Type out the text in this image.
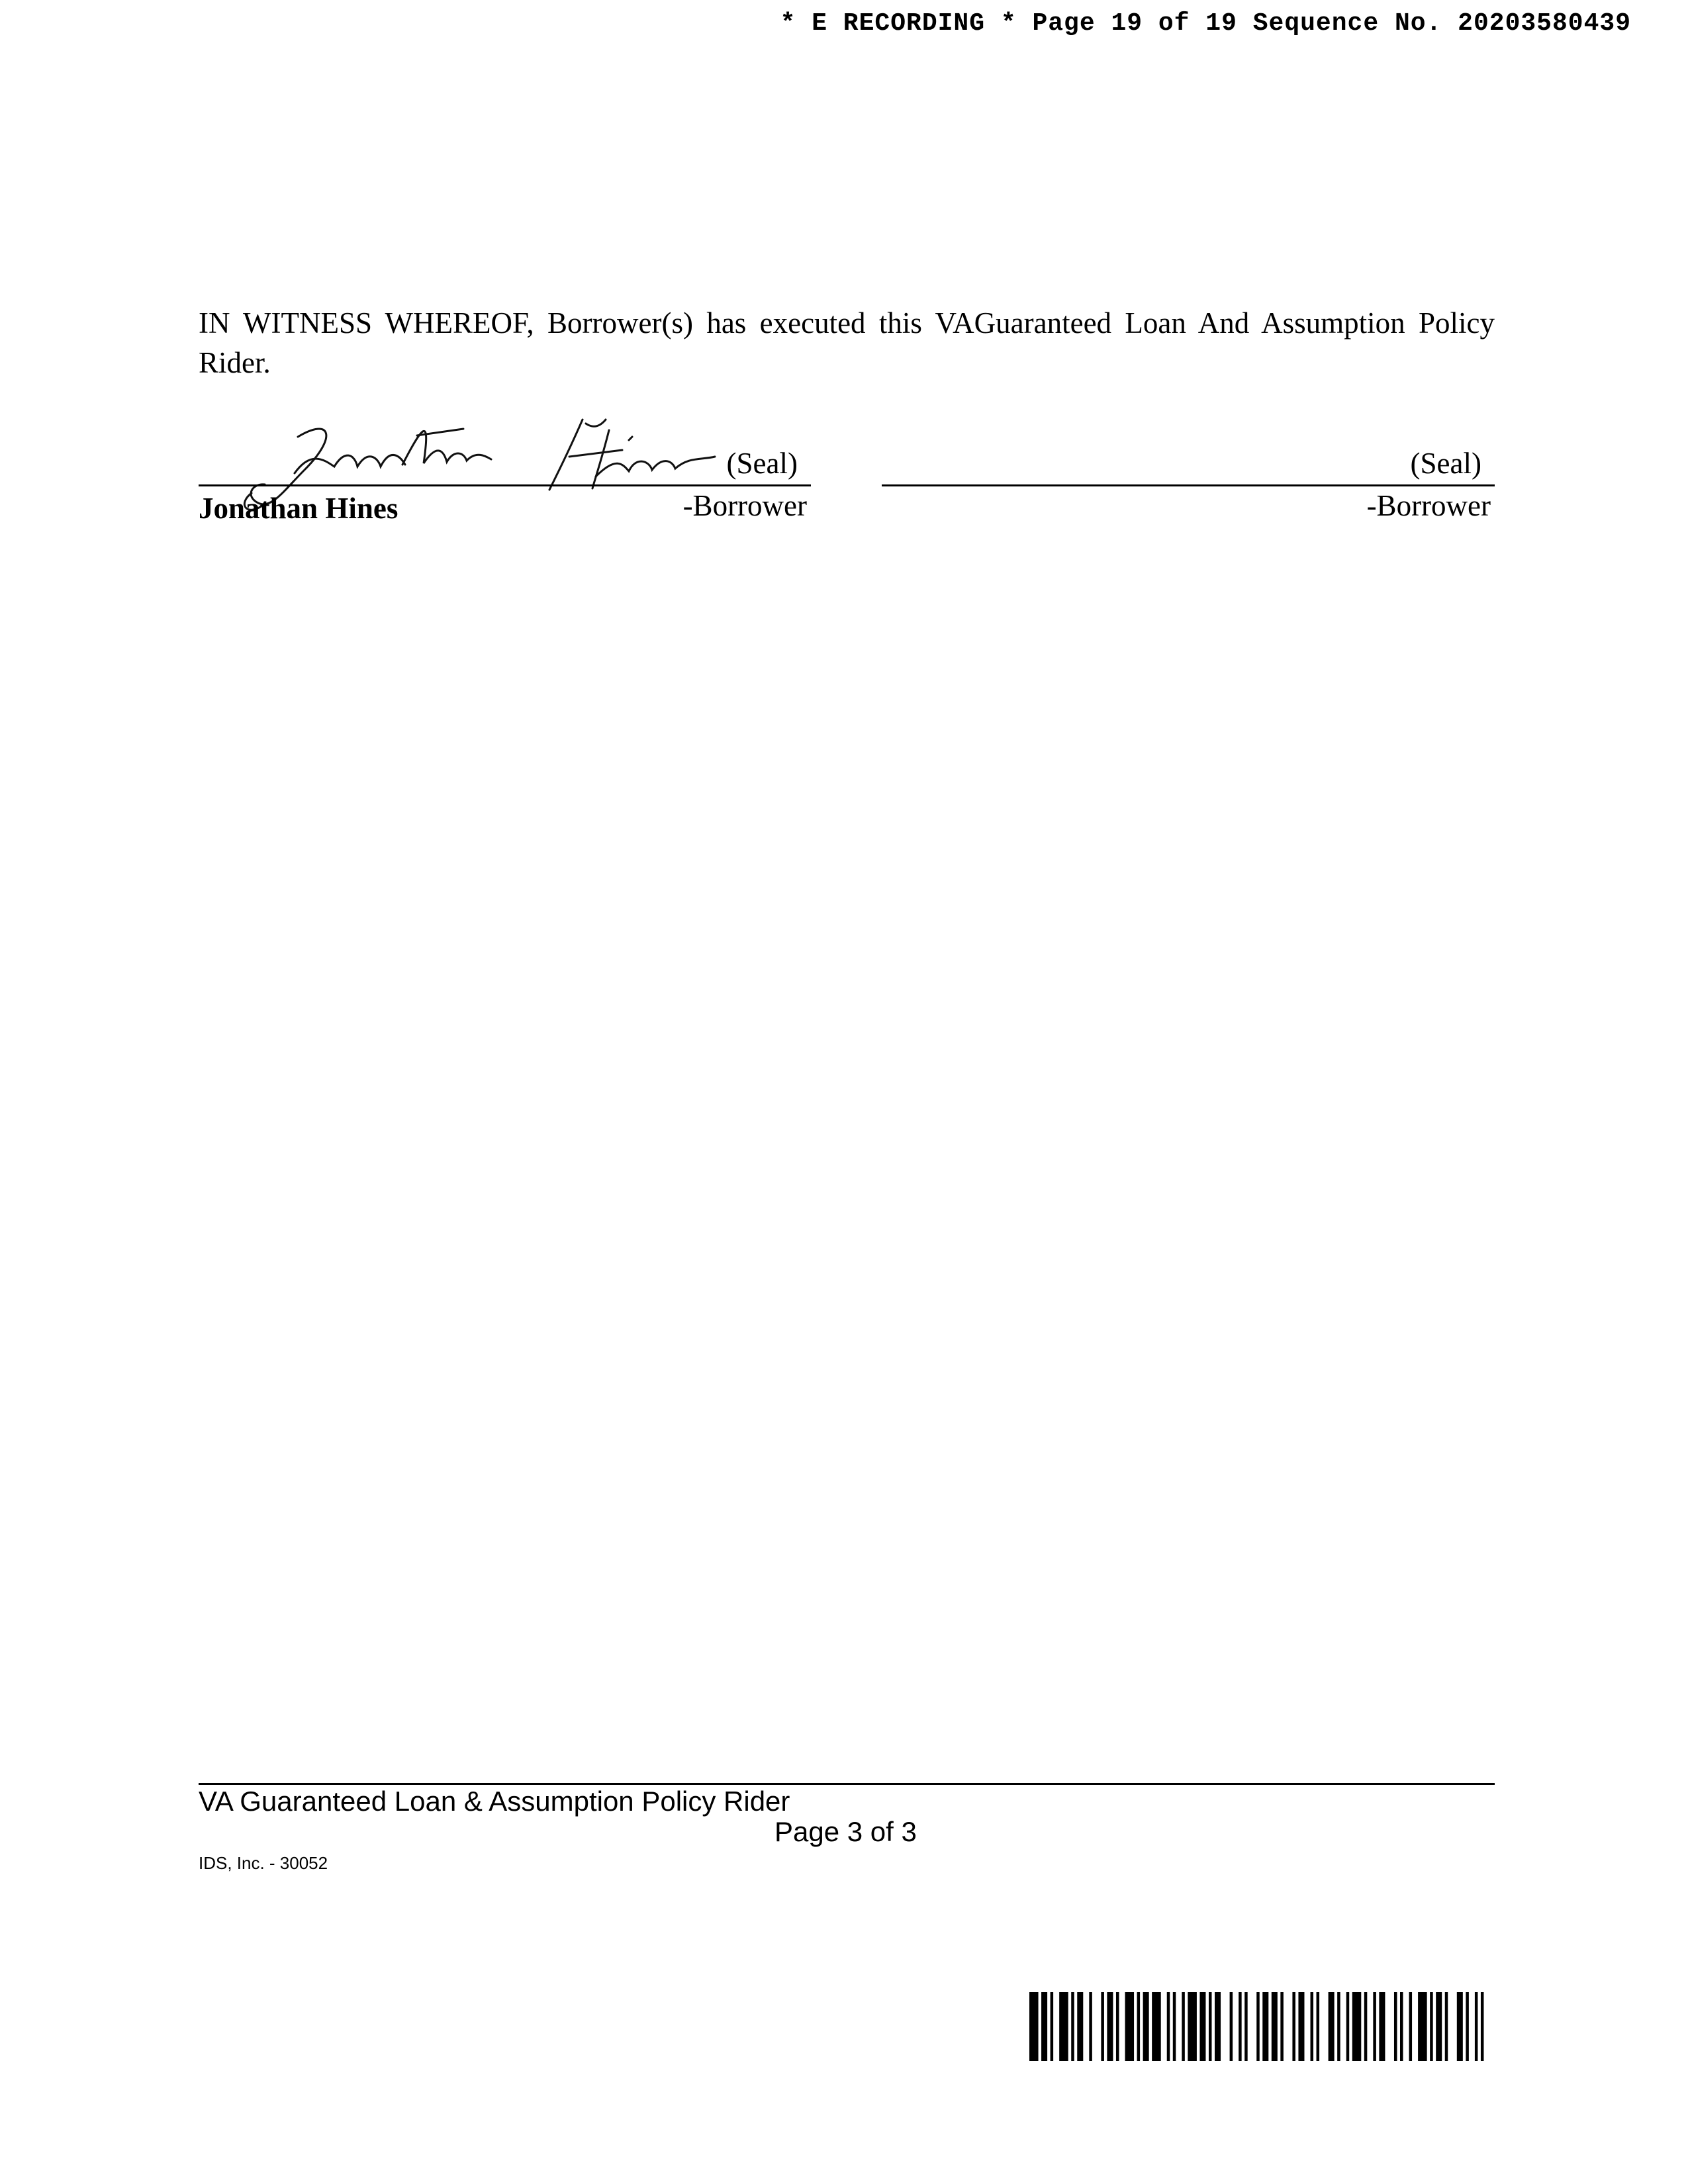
* E RECORDING * Page 19 of 19 Sequence No. 20203580439
IN WITNESS WHEREOF, Borrower(s) has executed this VAGuaranteed Loan And Assumption Policy Rider.
(Seal)
Jonathan Hines	-Borrower
(Seal)
-Borrower
VA Guaranteed Loan & Assumption Policy Rider
Page 3 of 3
IDS, Inc. - 30052
